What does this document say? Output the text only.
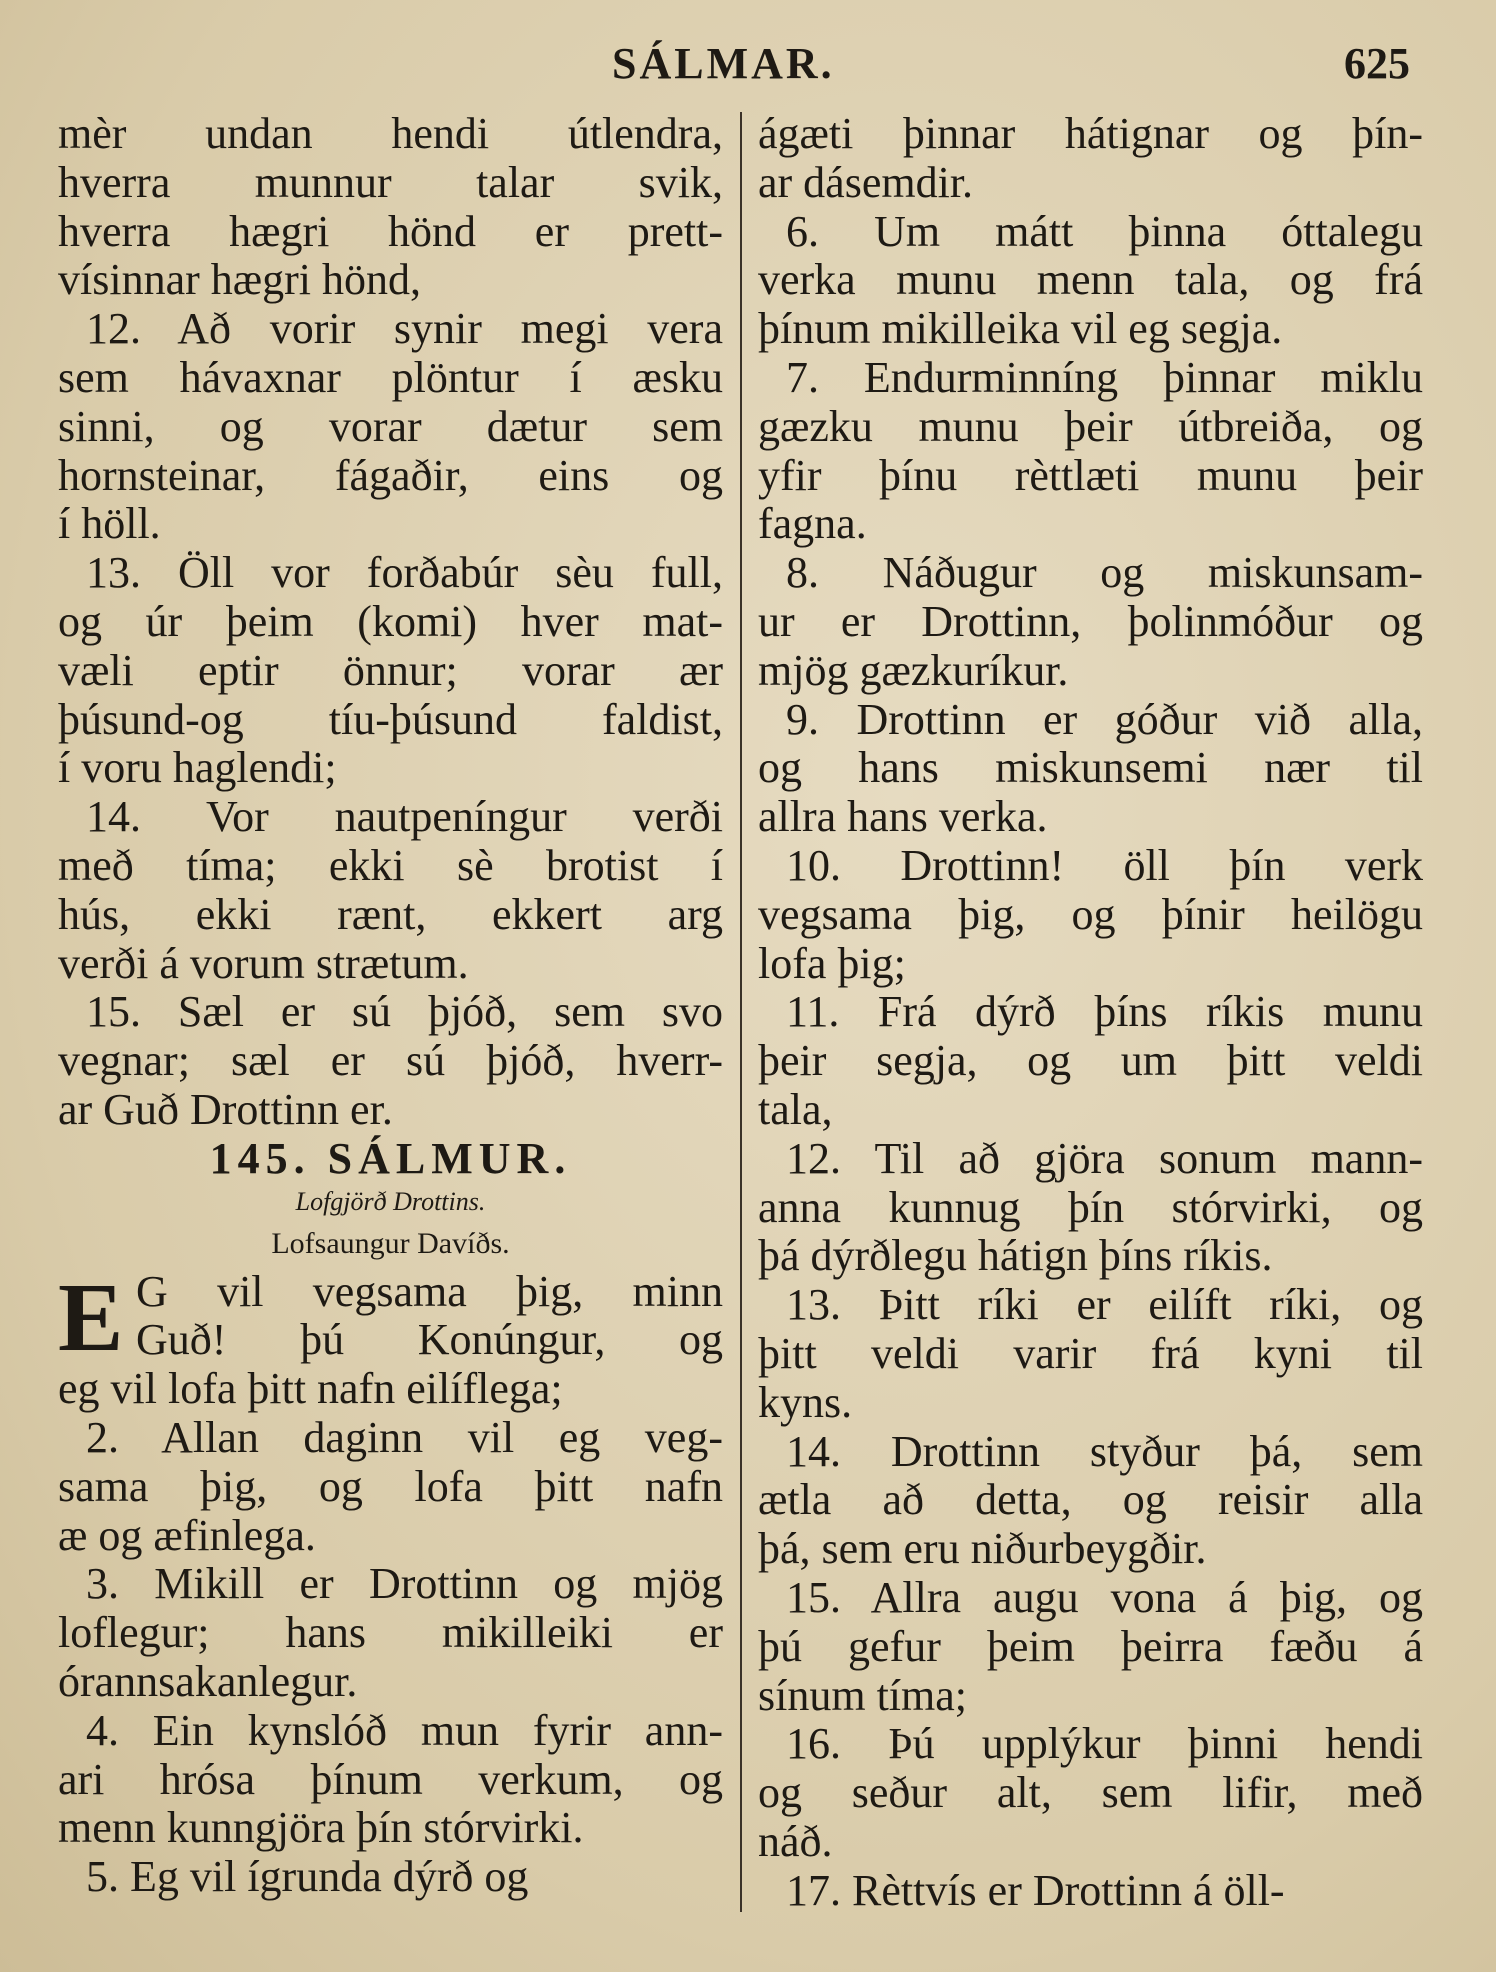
SÁLMAR.	625
mèr undan hendi útlendra,
hverra munnur talar svik,
hverra hægri hönd er prett-
vísinnar hægri hönd,
12. Að vorir synir megi vera
sem hávaxnar plöntur í æsku
sinni, og vorar dætur sem
hornsteinar, fágaðir, eins og
í höll.
13. Öll vor forðabúr sèu full,
og úr þeim (komi) hver mat-
væli eptir önnur; vorar ær
þúsund-og tíu-þúsund faldist,
í voru haglendi;
14. Vor nautpeníngur verði
með tíma; ekki sè brotist í
hús, ekki rænt, ekkert arg
verði á vorum strætum.
15. Sæl er sú þjóð, sem svo
vegnar; sæl er sú þjóð, hverr-
ar Guð Drottinn er.
145. SÁLMUR.
Lofgjörð Drottins.
Lofsaungur Davíðs.
E G vil vegsama þig, minn
Guð! þú Konúngur, og
eg vil lofa þitt nafn eilíflega;
2. Allan daginn vil eg veg-
sama þig, og lofa þitt nafn
æ og æfinlega.
3. Mikill er Drottinn og mjög
loflegur; hans mikilleiki er
órannsakanlegur.
4. Ein kynslóð mun fyrir ann-
ari hrósa þínum verkum, og
menn kunngjöra þín stórvirki.
5. Eg vil ígrunda dýrð og
ágæti þinnar hátignar og þín-
ar dásemdir.
6. Um mátt þinna óttalegu
verka munu menn tala, og frá
þínum mikilleika vil eg segja.
7. Endurminníng þinnar miklu
gæzku munu þeir útbreiða, og
yfir þínu rèttlæti munu þeir
fagna.
8. Náðugur og miskunsam-
ur er Drottinn, þolinmóður og
mjög gæzkuríkur.
9. Drottinn er góður við alla,
og hans miskunsemi nær til
allra hans verka.
10. Drottinn! öll þín verk
vegsama þig, og þínir heilögu
lofa þig;
11. Frá dýrð þíns ríkis munu
þeir segja, og um þitt veldi
tala,
12. Til að gjöra sonum mann-
anna kunnug þín stórvirki, og
þá dýrðlegu hátign þíns ríkis.
13. Þitt ríki er eilíft ríki, og
þitt veldi varir frá kyni til
kyns.
14. Drottinn styður þá, sem
ætla að detta, og reisir alla
þá, sem eru niðurbeygðir.
15. Allra augu vona á þig, og
þú gefur þeim þeirra fæðu á
sínum tíma;
16. Þú upplýkur þinni hendi
og seður alt, sem lifir, með
náð.
17. Rèttvís er Drottinn á öll-
